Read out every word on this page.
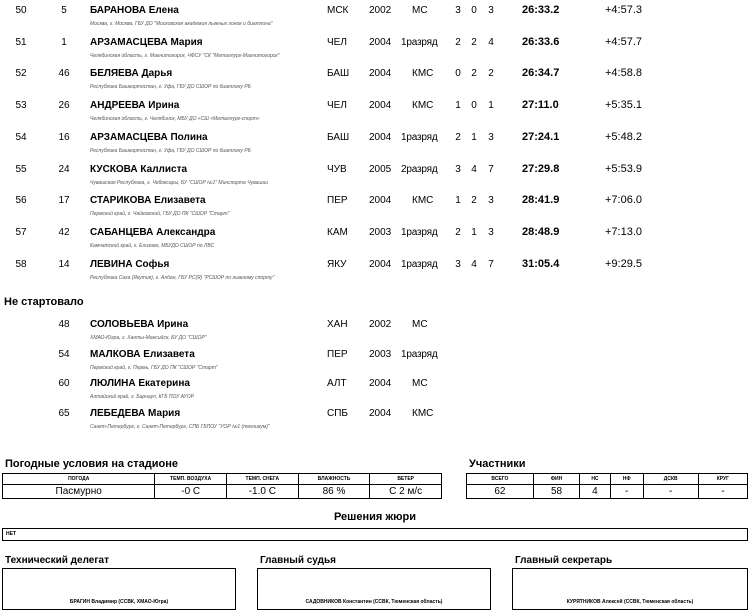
50	5	БАРАНОВА Елена
Москва, г. Москва, ГБУ ДО "Московская академия лыжных гонок и биатлона"
МСК 2002 МС	3 0 3	26:33.2	+4:57.3
51	1	АРЗАМАСЦЕВА Мария
Челябинская область, г. Магнитогорск, ЧФСУ "СК "Металлург-Магнитогорск"
ЧЕЛ 2004 1разряд 2 2 4	26:33.6	+4:57.7
52	46	БЕЛЯЕВА Дарья
Республика Башкортостан, г. Уфа, ГБУ ДО СШОР по биатлону РБ
БАШ 2004 КМС 0 2 2	26:34.7	+4:58.8
53	26	АНДРЕЕВА Ирина
Челябинская область, г. Челябинск, МБУ ДО «СШ «Металлург-спорт»
ЧЕЛ 2004 КМС 1 0 1	27:11.0	+5:35.1
54	16	АРЗАМАСЦЕВА Полина
Республика Башкортостан, г. Уфа, ГБУ ДО СШОР по биатлону РБ
БАШ 2004 1разряд 2 1 3	27:24.1	+5:48.2
55	24	КУСКОВА Каллиста
Чувашская Республика, г. Чебоксары, БУ "СШОР №1" Минспорта Чувашии
ЧУВ 2005 2разряд 3 4 7	27:29.8	+5:53.9
56	17	СТАРИКОВА Елизавета
Пермский край, г. Чайковский, ГБУ ДО ПК "СШОР "Старт"
ПЕР 2004 КМС 1 2 3	28:41.9	+7:06.0
57	42	САБАНЦЕВА Александра
Камчатский край, г. Елизово, МБУДО СШОР по ЛВС
КАМ 2003 1разряд 2 1 3	28:48.9	+7:13.0
58	14	ЛЕВИНА Софья
Республика Саха (Якутия), г. Алдан, ГБУ РС(Я) "РСШОР по лыжному спорту"
ЯКУ 2004 1разряд 3 4 7	31:05.4	+9:29.5
Не стартовало
48	СОЛОВЬЕВА Ирина
ХМАО-Югра, г. Ханты-Мансийск, БУ ДО "СШОР"
ХАН 2002 МС
54	МАЛКОВА Елизавета
Пермский край, г. Пермь, ГБУ ДО ПК "СШОР "Старт"
ПЕР 2003 1разряд
60	ЛЮЛИНА Екатерина
Алтайский край, г. Барнаул, КГБ ПОУ АУОР
АЛТ 2004 МС
65	ЛЕБЕДЕВА Мария
Санкт-Петербург, г. Санкт-Петербург, СПБ ГБПОУ "УОР №1 (техникум)"
СПБ 2004 КМС
Погодные условия на стадионе
ПОГОДА	ТЕМП. ВОЗДУХА	ТЕМП. СНЕГА	ВЛАЖНОСТЬ	ВЕТЕР
Пасмурно	-0 С	-1.0 С	86 %	С 2 м/с
Участники
ВСЕГО	ФИН	НС	НФ	ДСКВ	КРУГ
62	58	4	-	-	-
Решения жюри
НЕТ
Технический делегат
БРАГИН Владимир (ССВК, ХМАО-Югра)
Главный судья
САДОВНИКОВ Константин (ССВК, Тюменская область)
Главный секретарь
КУРЯТНИКОВ Алексей (ССВК, Тюменская область)
